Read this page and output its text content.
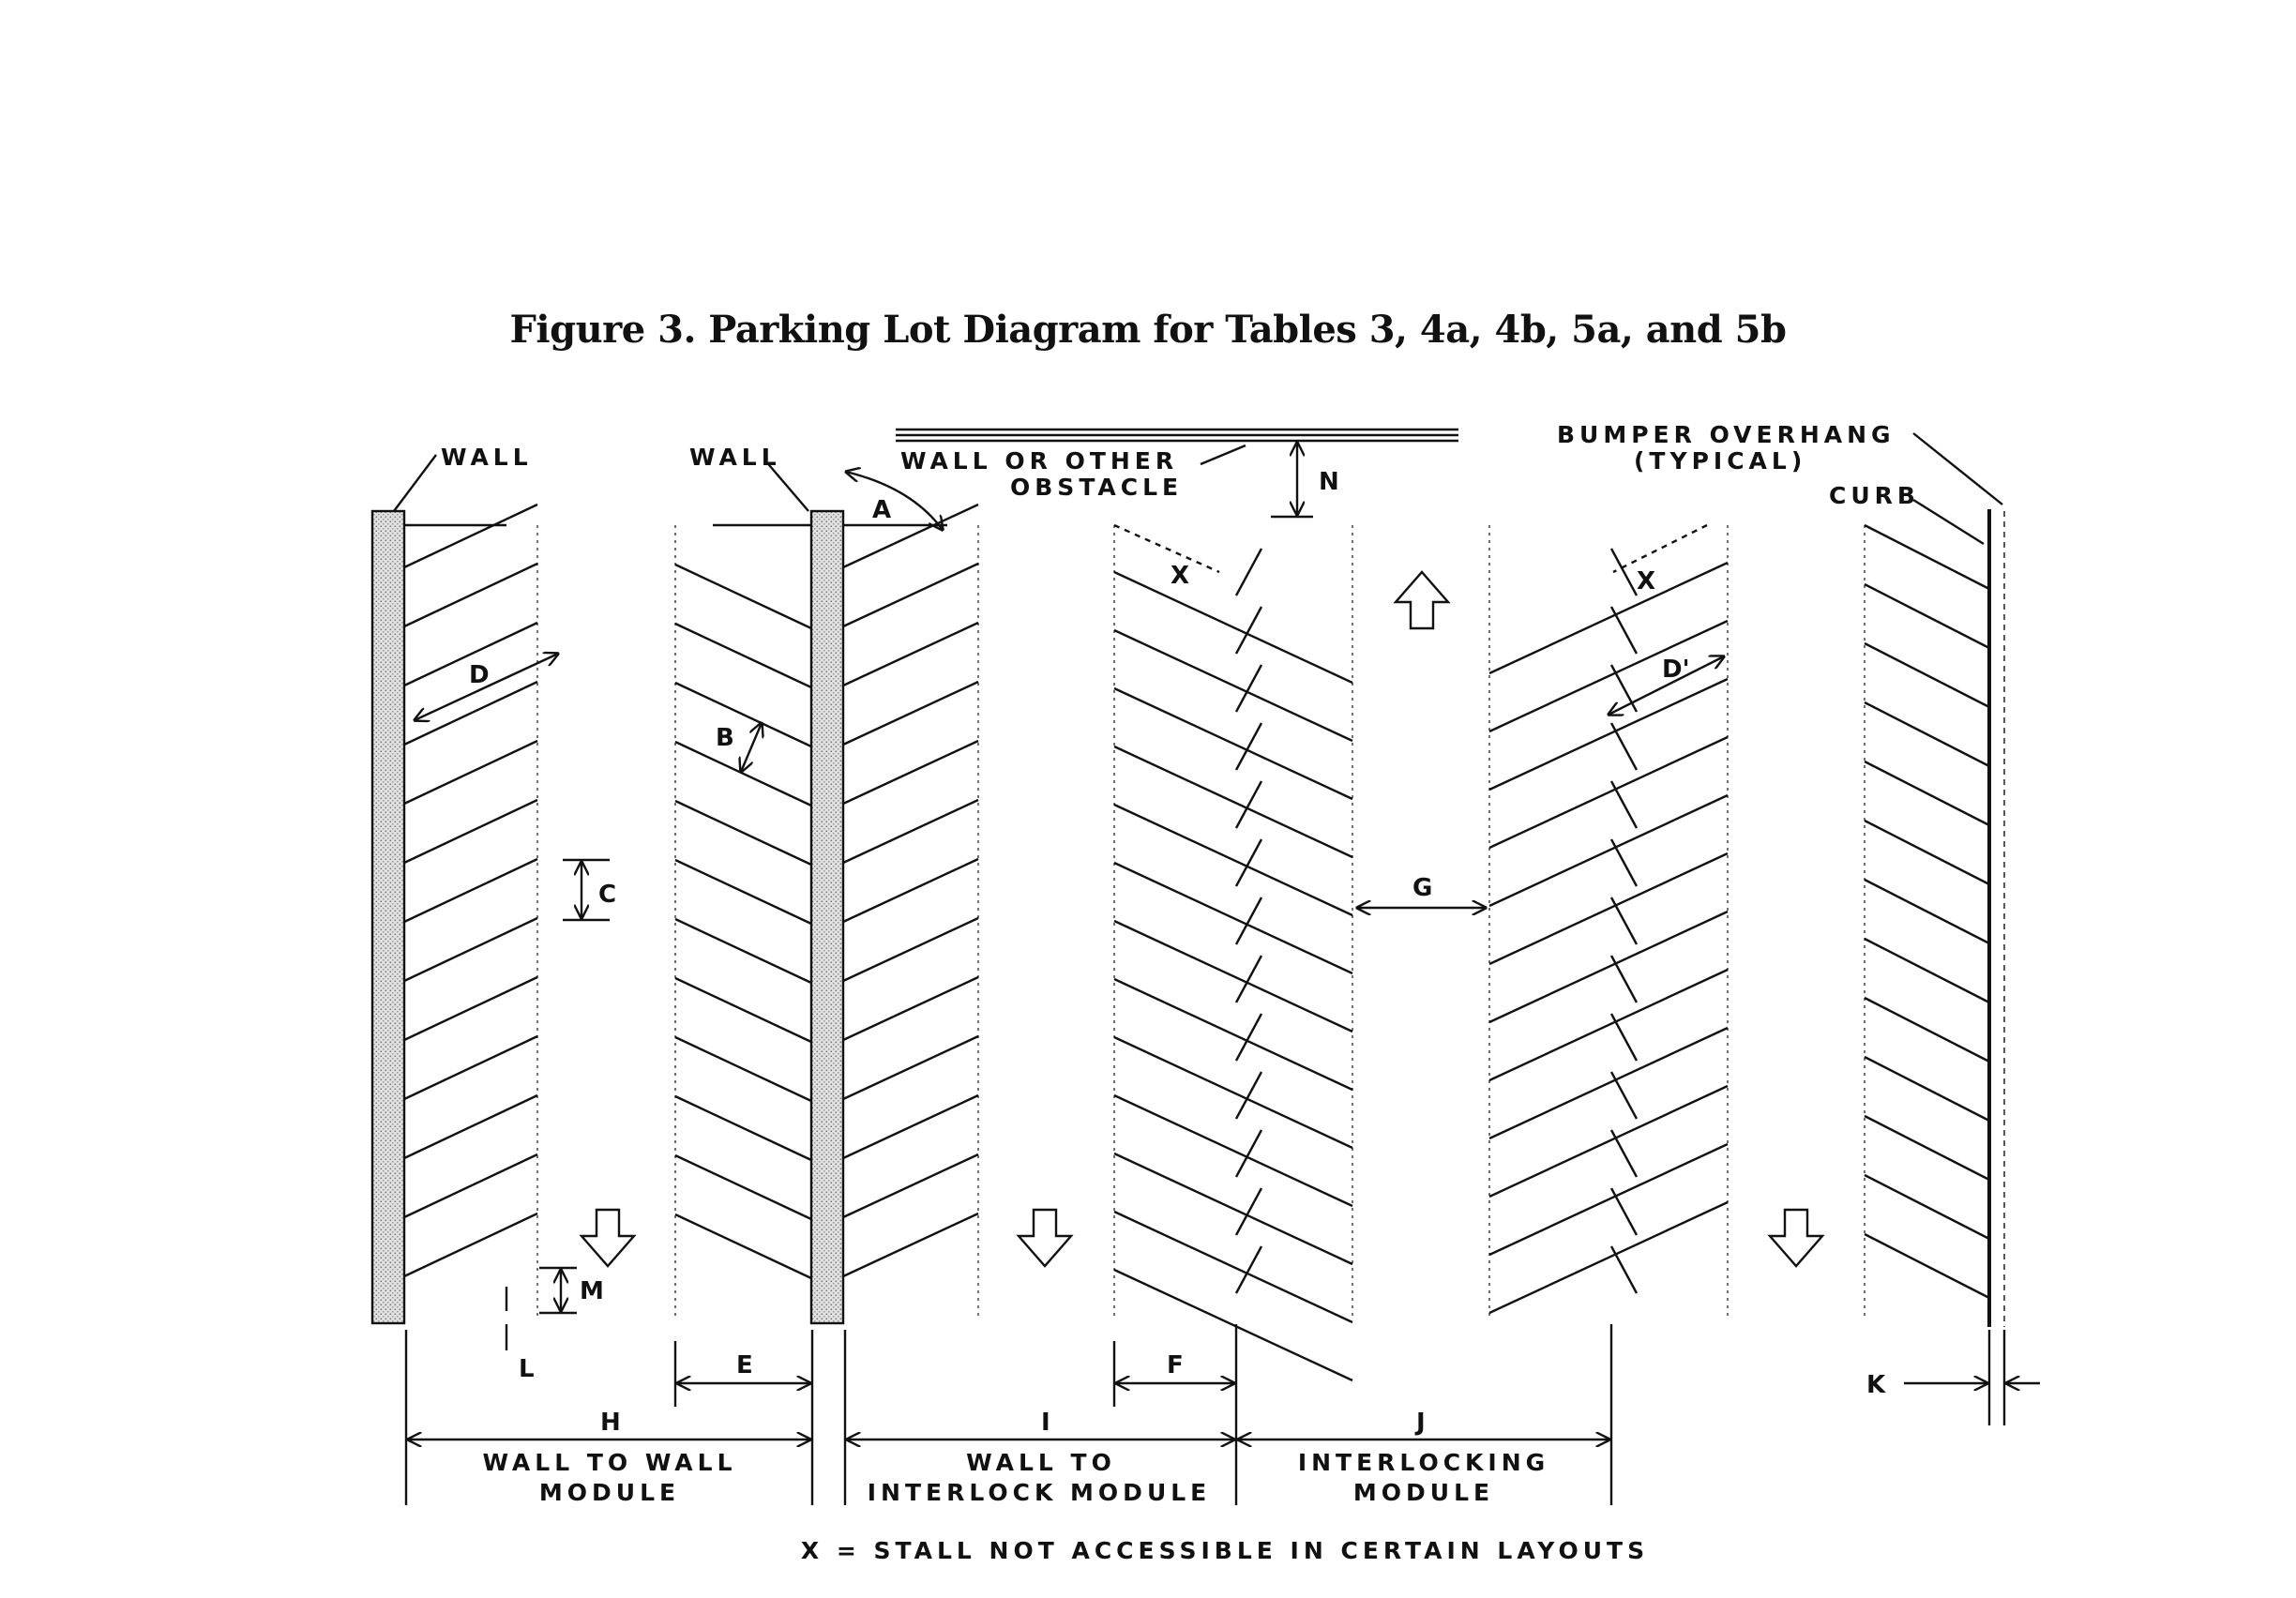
Figure 3. Parking Lot Diagram for Tables 3, 4a, 4b, 5a, and 5b
WALL	WALL	WALL OR OTHER
OBSTACLE
BUMPER OVERHANG
(TYPICAL)
CURB
D
B
C
M
L
A
N
X	X
D'
G
E	F
H	I	J
K
WALL TO WALL
MODULE
WALL TO
INTERLOCK MODULE
INTERLOCKING
MODULE
X = STALL NOT ACCESSIBLE IN CERTAIN LAYOUTS
